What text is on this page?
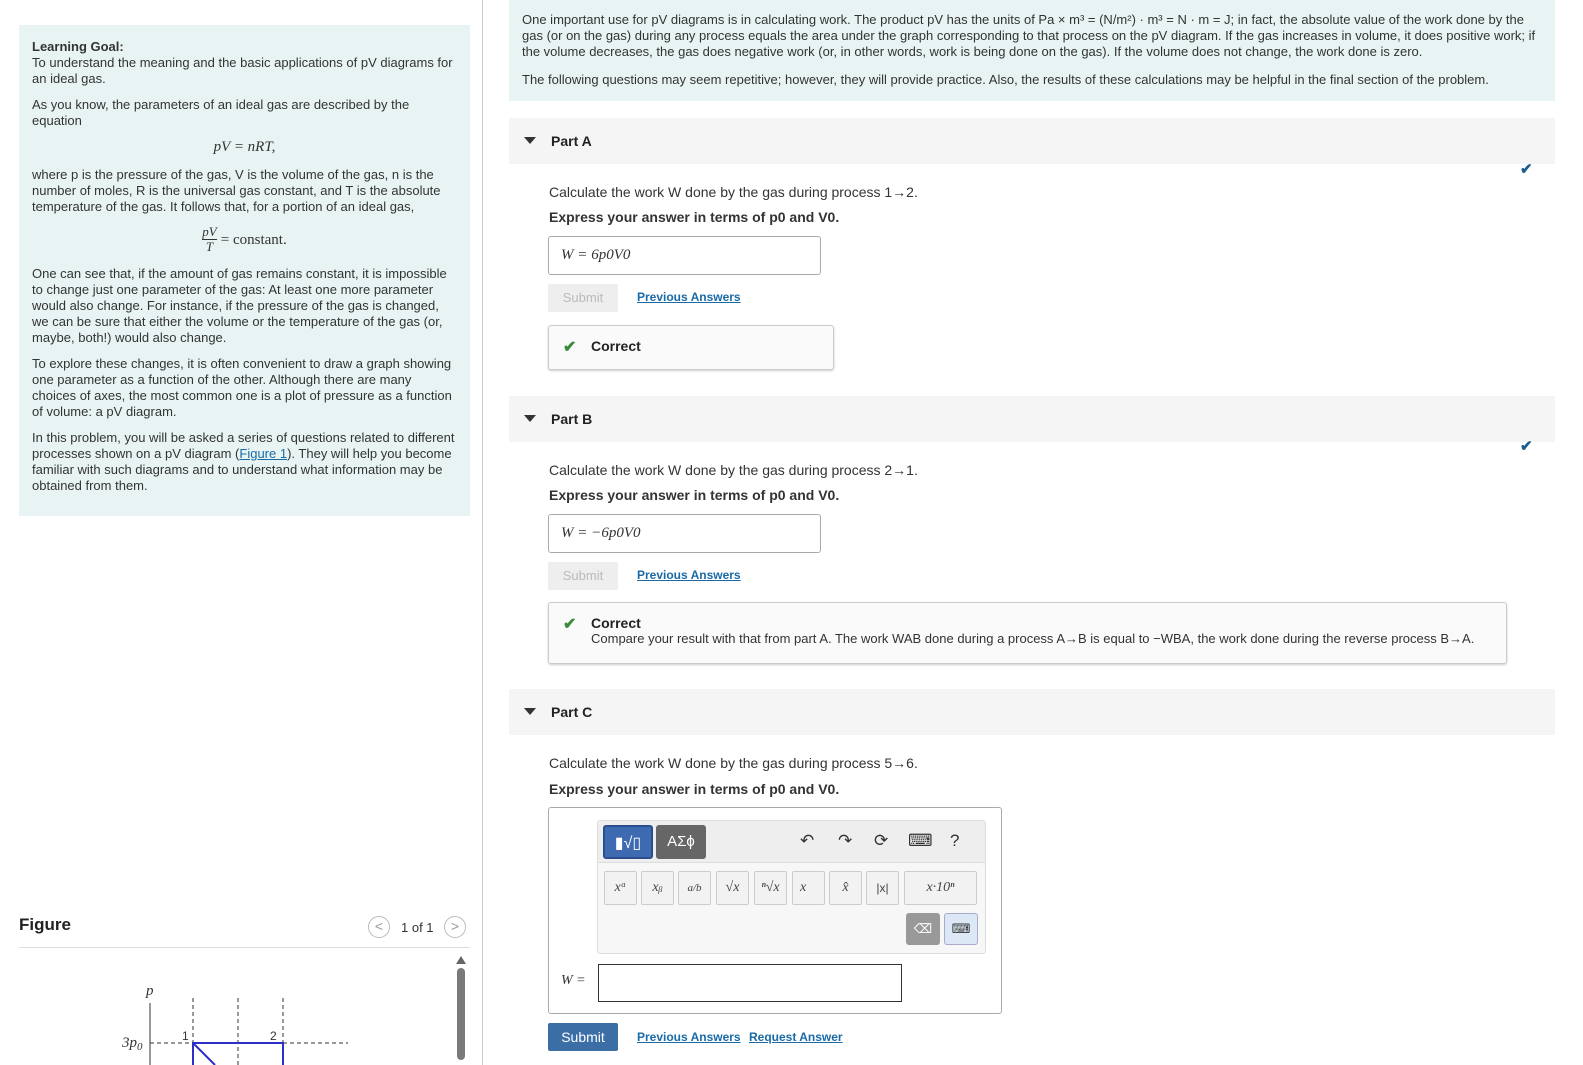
Learning Goal:

To understand the meaning and the basic applications of pV diagrams for an ideal gas.

As you know, the parameters of an ideal gas are described by the equation

pV = nRT,

where p is the pressure of the gas, V is the volume of the gas, n is the number of moles, R is the universal gas constant, and T is the absolute temperature of the gas. It follows that, for a portion of an ideal gas,

$\frac{pV}{T}$ = constant.

One can see that, if the amount of gas remains constant, it is impossible to change just one parameter of the gas: At least one more parameter would also change. For instance, if the pressure of the gas is changed, we can be sure that either the volume or the temperature of the gas (or, maybe, both!) would also change.

To explore these changes, it is often convenient to draw a graph showing one parameter as a function of the other. Although there are many choices of axes, the most common one is a plot of pressure as a function of volume: a pV diagram.

In this problem, you will be asked a series of questions related to different processes shown on a pV diagram (Figure 1). They will help you become familiar with such diagrams and to understand what information may be obtained from them.

Figure	<	1 of 1	>
p
$3p_0$
1	2

One important use for pV diagrams is in calculating work. The product pV has the units of Pa × m³ = (N/m²) · m³ = N · m = J; in fact, the absolute value of the work done by the gas (or on the gas) during any process equals the area under the graph corresponding to that process on the pV diagram. If the gas increases in volume, it does positive work; if the volume decreases, the gas does negative work (or, in other words, work is being done on the gas). If the volume does not change, the work done is zero.

The following questions may seem repetitive; however, they will provide practice. Also, the results of these calculations may be helpful in the final section of the problem.

Part A
✔
Calculate the work W done by the gas during process 1→2.
Express your answer in terms of p0 and V0.
W = 6p0V0
Submit	Previous Answers
✔ Correct
Part B
✔
Calculate the work W done by the gas during process 2→1.
Express your answer in terms of p0 and V0.
W = −6p0V0
Submit	Previous Answers
✔ Correct
Compare your result with that from part A. The work WAB done during a process A→B is equal to −WBA, the work done during the reverse process B→A.
Part C
Calculate the work W done by the gas during process 5→6.
Express your answer in terms of p0 and V0.
▮√▯	ΑΣϕ	↶ ↷ ⟳ ⌨ ?
xᵃ	xᵦ	a/b	√x	ⁿ√x	x⃗	x̂	|x|	x·10ⁿ
⌫	⌨
W =
Submit	Previous Answers Request Answer
